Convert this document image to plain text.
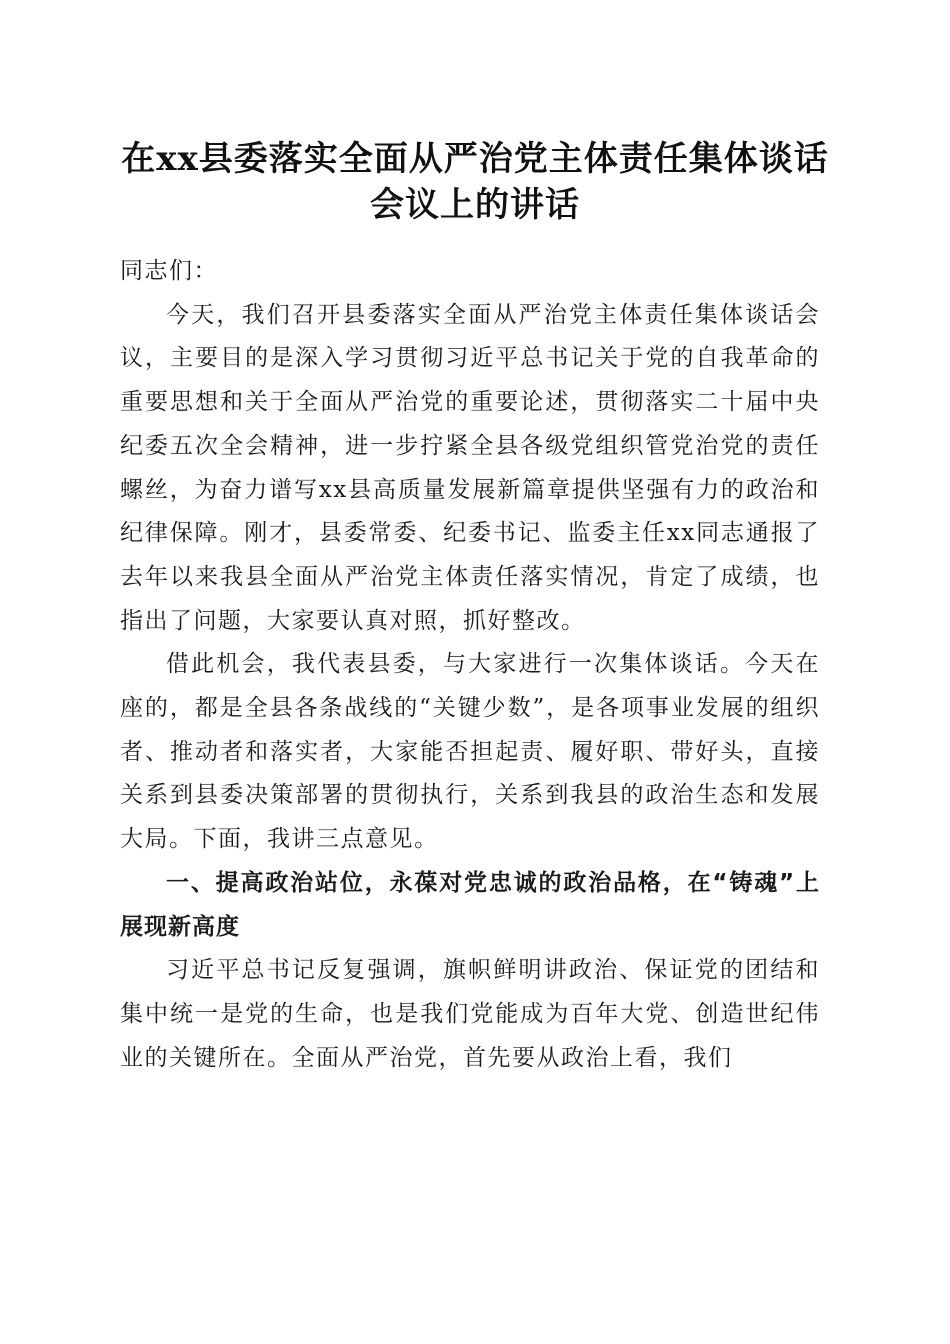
在xx县委落实全面从严治党主体责任集体谈话会议上的讲话

同志们：

今天，我们召开县委落实全面从严治党主体责任集体谈话会议，主要目的是深入学习贯彻习近平总书记关于党的自我革命的重要思想和关于全面从严治党的重要论述，贯彻落实二十届中央纪委五次全会精神，进一步拧紧全县各级党组织管党治党的责任螺丝，为奋力谱写xx县高质量发展新篇章提供坚强有力的政治和纪律保障。刚才，县委常委、纪委书记、监委主任xx同志通报了去年以来我县全面从严治党主体责任落实情况，肯定了成绩，也指出了问题，大家要认真对照，抓好整改。

借此机会，我代表县委，与大家进行一次集体谈话。今天在座的，都是全县各条战线的“关键少数”，是各项事业发展的组织者、推动者和落实者，大家能否担起责、履好职、带好头，直接关系到县委决策部署的贯彻执行，关系到我县的政治生态和发展大局。下面，我讲三点意见。

一、提高政治站位，永葆对党忠诚的政治品格，在“铸魂”上展现新高度

习近平总书记反复强调，旗帜鲜明讲政治、保证党的团结和集中统一是党的生命，也是我们党能成为百年大党、创造世纪伟业的关键所在。全面从严治党，首先要从政治上看，我们
